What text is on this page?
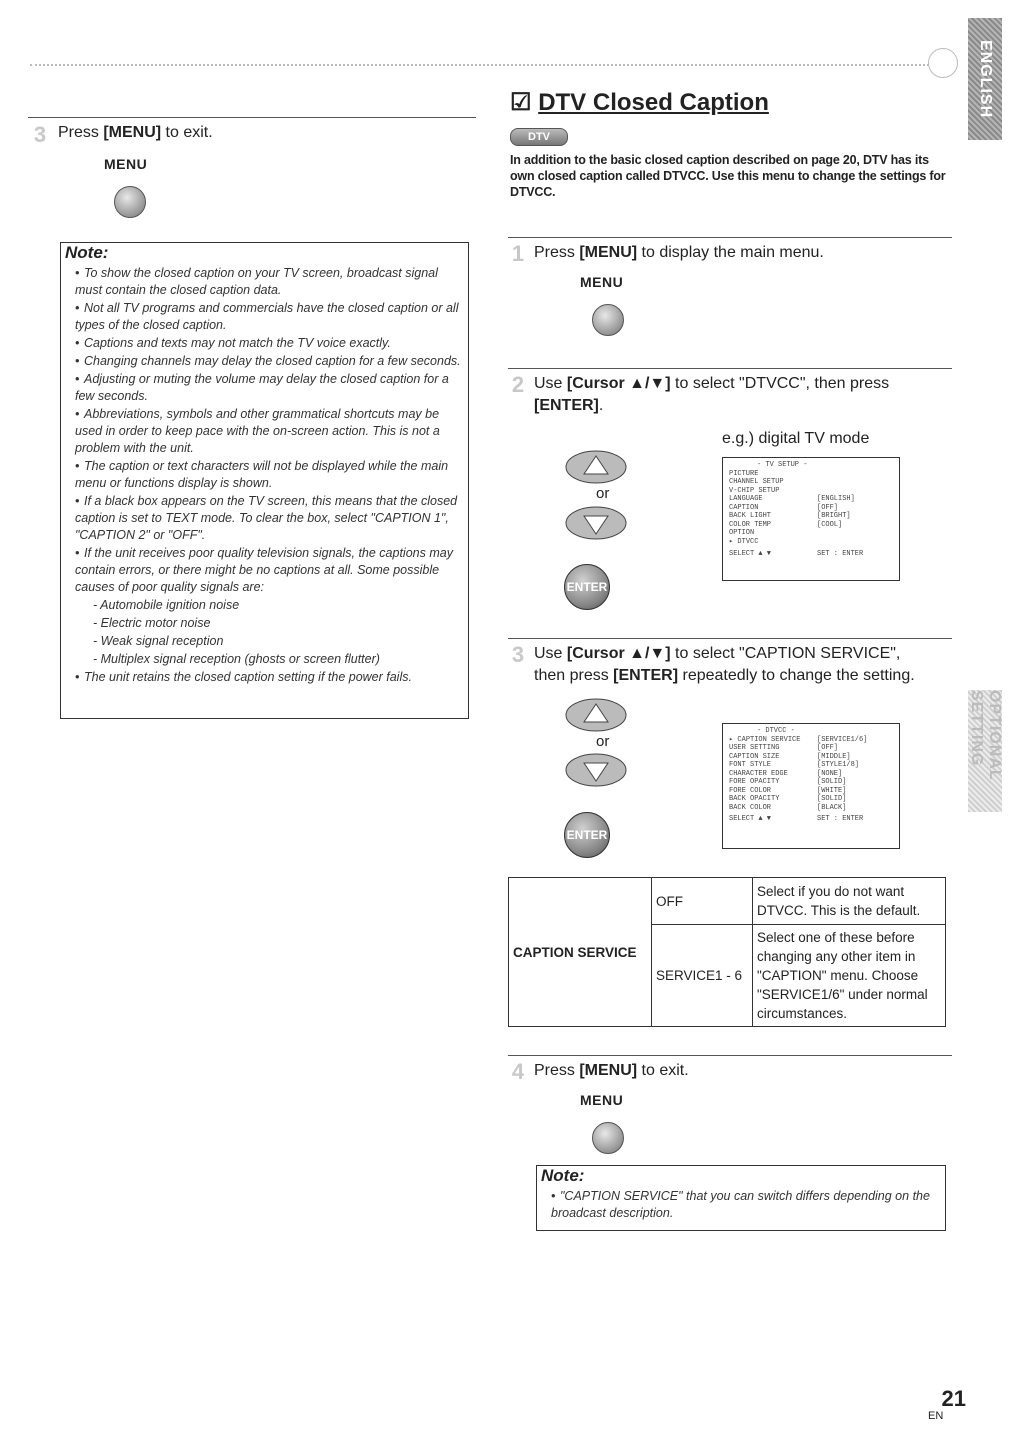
ENGLISH
OPTIONAL SETTING
3 Press [MENU] to exit.
MENU
Note:
• To show the closed caption on your TV screen, broadcast signal must contain the closed caption data.
• Not all TV programs and commercials have the closed caption or all types of the closed caption.
• Captions and texts may not match the TV voice exactly.
• Changing channels may delay the closed caption for a few seconds.
• Adjusting or muting the volume may delay the closed caption for a few seconds.
• Abbreviations, symbols and other grammatical shortcuts may be used in order to keep pace with the on-screen action. This is not a problem with the unit.
• The caption or text characters will not be displayed while the main menu or functions display is shown.
• If a black box appears on the TV screen, this means that the closed caption is set to TEXT mode. To clear the box, select "CAPTION 1", "CAPTION 2" or "OFF".
• If the unit receives poor quality television signals, the captions may contain errors, or there might be no captions at all. Some possible causes of poor quality signals are:
- Automobile ignition noise
- Electric motor noise
- Weak signal reception
- Multiplex signal reception (ghosts or screen flutter)
• The unit retains the closed caption setting if the power fails.
☑ DTV Closed Caption
DTV
In addition to the basic closed caption described on page 20, DTV has its own closed caption called DTVCC. Use this menu to change the settings for DTVCC.
1 Press [MENU] to display the main menu.
MENU
2 Use [Cursor ▲/▼] to select "DTVCC", then press [ENTER].
e.g.) digital TV mode
or
ENTER
- TV SETUP -
PICTURE
CHANNEL SETUP
V-CHIP SETUP
LANGUAGE	[ENGLISH]
CAPTION	[OFF]
BACK LIGHT	[BRIGHT]
COLOR TEMP	[COOL]
OPTION
▸ DTVCC
SELECT ▲ ▼	SET : ENTER
3 Use [Cursor ▲/▼] to select "CAPTION SERVICE", then press [ENTER] repeatedly to change the setting.
or
ENTER
- DTVCC -
▸ CAPTION SERVICE	[SERVICE1/6]
USER SETTING	[OFF]
CAPTION SIZE	[MIDDLE]
FONT STYLE	[STYLE1/8]
CHARACTER EDGE	[NONE]
FORE OPACITY	[SOLID]
FORE COLOR	[WHITE]
BACK OPACITY	[SOLID]
BACK COLOR	[BLACK]
SELECT ▲ ▼	SET : ENTER
CAPTION SERVICE	OFF	Select if you do not want DTVCC. This is the default.
	SERVICE1 - 6	Select one of these before changing any other item in "CAPTION" menu. Choose "SERVICE1/6" under normal circumstances.
4 Press [MENU] to exit.
MENU
Note:
• "CAPTION SERVICE" that you can switch differs depending on the broadcast description.
21
EN
